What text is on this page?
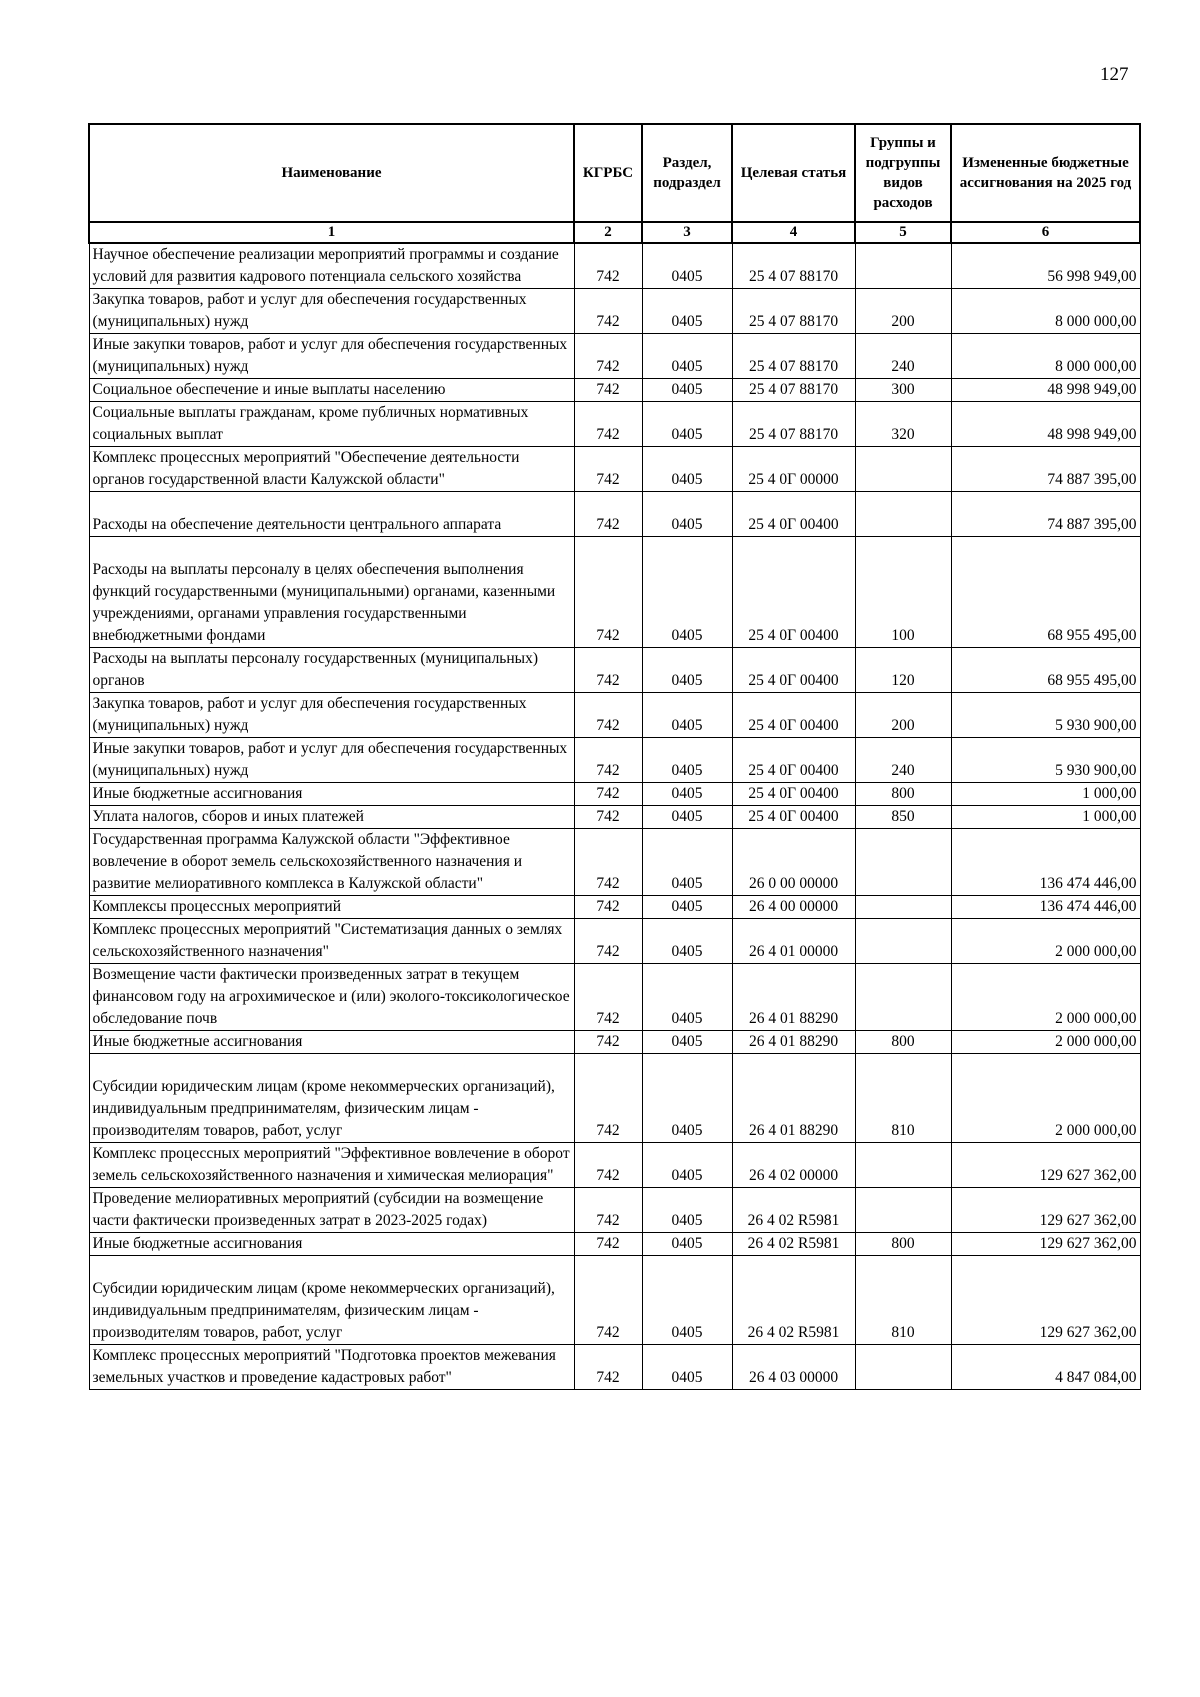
127
Наименование	КГРБС	Раздел, подраздел	Целевая статья	Группы и подгруппы видов расходов	Измененные бюджетные ассигнования на 2025 год
1	2	3	4	5	6
Научное обеспечение реализации мероприятий программы и создание условий для развития кадрового потенциала сельского хозяйства	742	0405	25 4 07 88170		56 998 949,00
Закупка товаров, работ и услуг для обеспечения государственных (муниципальных) нужд	742	0405	25 4 07 88170	200	8 000 000,00
Иные закупки товаров, работ и услуг для обеспечения государственных (муниципальных) нужд	742	0405	25 4 07 88170	240	8 000 000,00
Социальное обеспечение и иные выплаты населению	742	0405	25 4 07 88170	300	48 998 949,00
Социальные выплаты гражданам, кроме публичных нормативных социальных выплат	742	0405	25 4 07 88170	320	48 998 949,00
Комплекс процессных мероприятий "Обеспечение деятельности органов государственной власти Калужской области"	742	0405	25 4 0Г 00000		74 887 395,00
Расходы на обеспечение деятельности центрального аппарата	742	0405	25 4 0Г 00400		74 887 395,00
Расходы на выплаты персоналу в целях обеспечения выполнения функций государственными (муниципальными) органами, казенными учреждениями, органами управления государственными внебюджетными фондами	742	0405	25 4 0Г 00400	100	68 955 495,00
Расходы на выплаты персоналу государственных (муниципальных) органов	742	0405	25 4 0Г 00400	120	68 955 495,00
Закупка товаров, работ и услуг для обеспечения государственных (муниципальных) нужд	742	0405	25 4 0Г 00400	200	5 930 900,00
Иные закупки товаров, работ и услуг для обеспечения государственных (муниципальных) нужд	742	0405	25 4 0Г 00400	240	5 930 900,00
Иные бюджетные ассигнования	742	0405	25 4 0Г 00400	800	1 000,00
Уплата налогов, сборов и иных платежей	742	0405	25 4 0Г 00400	850	1 000,00
Государственная программа Калужской области "Эффективное вовлечение в оборот земель сельскохозяйственного назначения и развитие мелиоративного комплекса в Калужской области"	742	0405	26 0 00 00000		136 474 446,00
Комплексы процессных мероприятий	742	0405	26 4 00 00000		136 474 446,00
Комплекс процессных мероприятий "Систематизация данных о землях сельскохозяйственного назначения"	742	0405	26 4 01 00000		2 000 000,00
Возмещение части фактически произведенных затрат в текущем финансовом году на агрохимическое и (или) эколого-токсикологическое обследование почв	742	0405	26 4 01 88290		2 000 000,00
Иные бюджетные ассигнования	742	0405	26 4 01 88290	800	2 000 000,00
Субсидии юридическим лицам (кроме некоммерческих организаций), индивидуальным предпринимателям, физическим лицам - производителям товаров, работ, услуг	742	0405	26 4 01 88290	810	2 000 000,00
Комплекс процессных мероприятий "Эффективное вовлечение в оборот земель сельскохозяйственного назначения и химическая мелиорация"	742	0405	26 4 02 00000		129 627 362,00
Проведение мелиоративных мероприятий (субсидии на возмещение части фактически произведенных затрат в 2023-2025 годах)	742	0405	26 4 02 R5981		129 627 362,00
Иные бюджетные ассигнования	742	0405	26 4 02 R5981	800	129 627 362,00
Субсидии юридическим лицам (кроме некоммерческих организаций), индивидуальным предпринимателям, физическим лицам - производителям товаров, работ, услуг	742	0405	26 4 02 R5981	810	129 627 362,00
Комплекс процессных мероприятий "Подготовка проектов межевания земельных участков и проведение кадастровых работ"	742	0405	26 4 03 00000		4 847 084,00
